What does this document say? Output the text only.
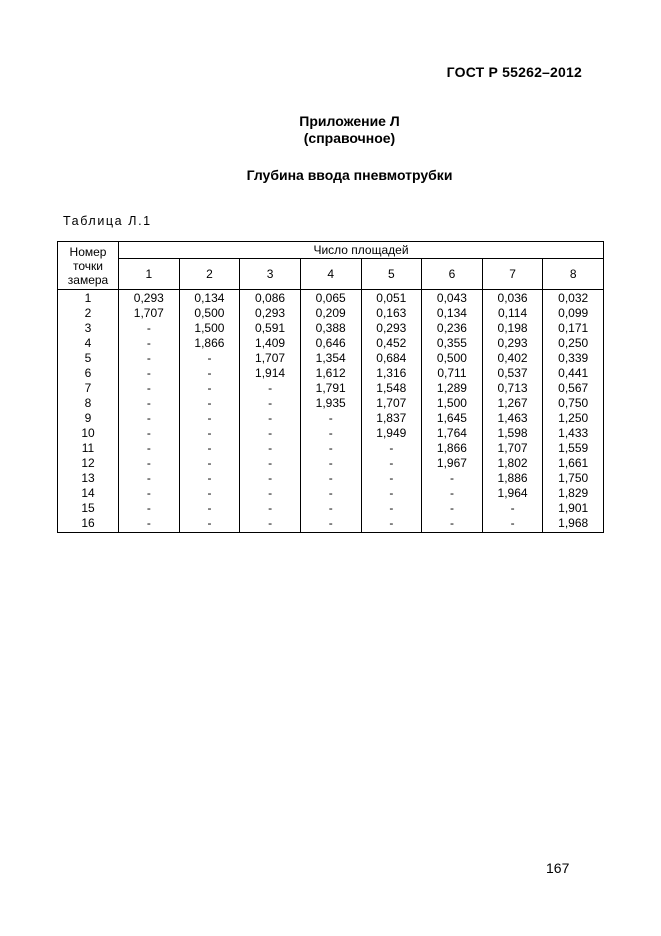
ГОСТ Р 55262–2012
Приложение Л
(справочное)
Глубина ввода пневмотрубки
Таблица Л.1
Номер
точки
замера	Число площадей							
	1	2	3	4	5	6	7	8
1	0,293	0,134	0,086	0,065	0,051	0,043	0,036	0,032
2	1,707	0,500	0,293	0,209	0,163	0,134	0,114	0,099
3	-	1,500	0,591	0,388	0,293	0,236	0,198	0,171
4	-	1,866	1,409	0,646	0,452	0,355	0,293	0,250
5	-	-	1,707	1,354	0,684	0,500	0,402	0,339
6	-	-	1,914	1,612	1,316	0,711	0,537	0,441
7	-	-	-	1,791	1,548	1,289	0,713	0,567
8	-	-	-	1,935	1,707	1,500	1,267	0,750
9	-	-	-	-	1,837	1,645	1,463	1,250
10	-	-	-	-	1,949	1,764	1,598	1,433
11	-	-	-	-	-	1,866	1,707	1,559
12	-	-	-	-	-	1,967	1,802	1,661
13	-	-	-	-	-	-	1,886	1,750
14	-	-	-	-	-	-	1,964	1,829
15	-	-	-	-	-	-	-	1,901
16	-	-	-	-	-	-	-	1,968
167
